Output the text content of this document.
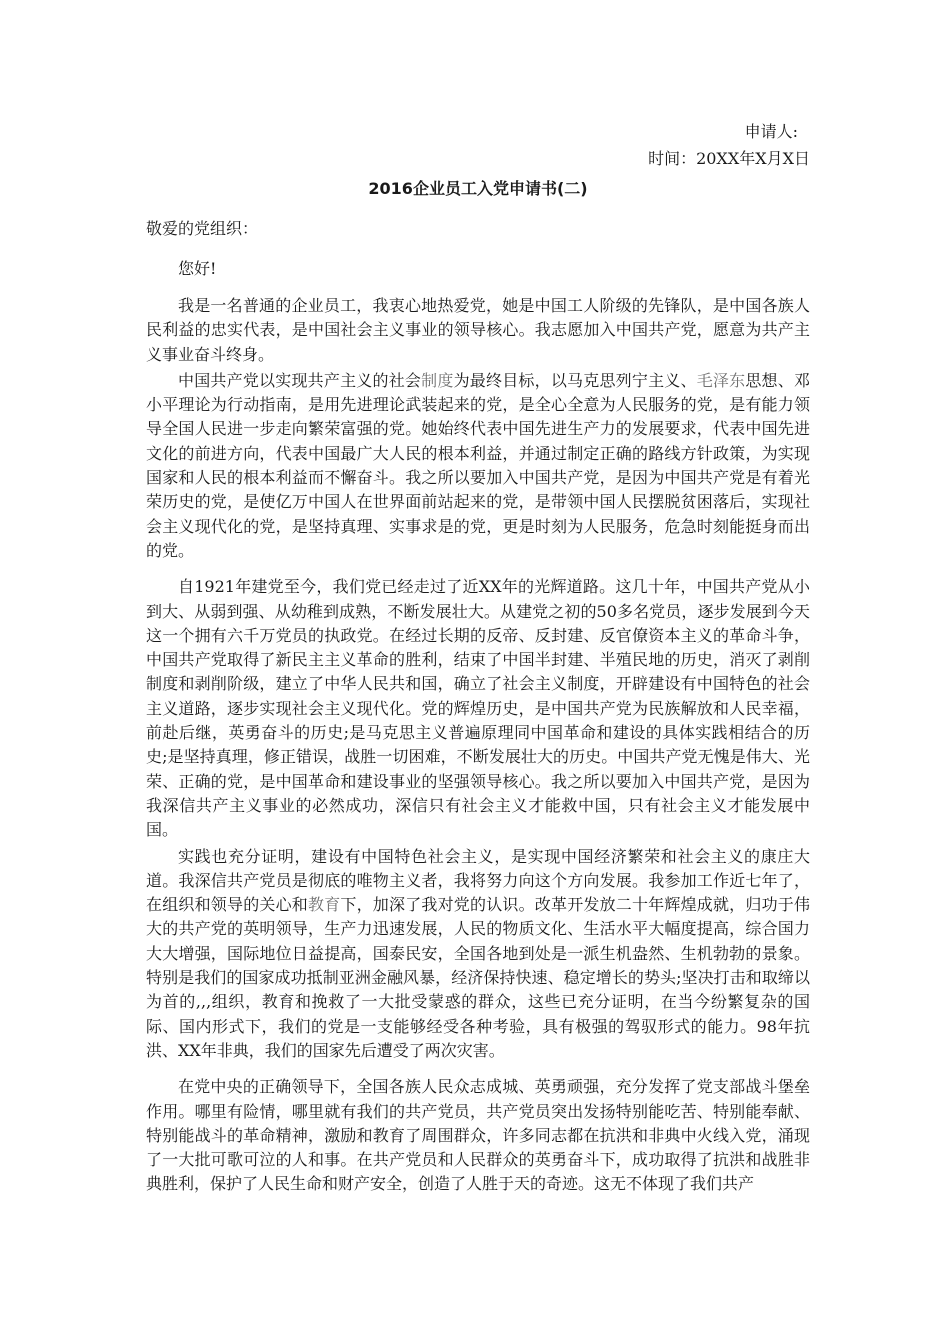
申请人:
时间：20XX年X月X日
2016企业员工入党申请书(二)
敬爱的党组织：
您好!

我是一名普通的企业员工，我衷心地热爱党，她是中国工人阶级的先锋队，是中国各族人民利益的忠实代表，是中国社会主义事业的领导核心。我志愿加入中国共产党，愿意为共产主义事业奋斗终身。

中国共产党以实现共产主义的社会制度为最终目标，以马克思列宁主义、毛泽东思想、邓小平理论为行动指南，是用先进理论武装起来的党，是全心全意为人民服务的党，是有能力领导全国人民进一步走向繁荣富强的党。她始终代表中国先进生产力的发展要求，代表中国先进文化的前进方向，代表中国最广大人民的根本利益，并通过制定正确的路线方针政策，为实现国家和人民的根本利益而不懈奋斗。我之所以要加入中国共产党，是因为中国共产党是有着光荣历史的党，是使亿万中国人在世界面前站起来的党，是带领中国人民摆脱贫困落后，实现社会主义现代化的党，是坚持真理、实事求是的党，更是时刻为人民服务，危急时刻能挺身而出的党。

自1921年建党至今，我们党已经走过了近XX年的光辉道路。这几十年，中国共产党从小到大、从弱到强、从幼稚到成熟，不断发展壮大。从建党之初的50多名党员，逐步发展到今天这一个拥有六千万党员的执政党。在经过长期的反帝、反封建、反官僚资本主义的革命斗争，中国共产党取得了新民主主义革命的胜利，结束了中国半封建、半殖民地的历史，消灭了剥削制度和剥削阶级，建立了中华人民共和国，确立了社会主义制度，开辟建设有中国特色的社会主义道路，逐步实现社会主义现代化。党的辉煌历史，是中国共产党为民族解放和人民幸福，前赴后继，英勇奋斗的历史;是马克思主义普遍原理同中国革命和建设的具体实践相结合的历史;是坚持真理，修正错误，战胜一切困难，不断发展壮大的历史。中国共产党无愧是伟大、光荣、正确的党，是中国革命和建设事业的坚强领导核心。我之所以要加入中国共产党，是因为我深信共产主义事业的必然成功，深信只有社会主义才能救中国，只有社会主义才能发展中国。

实践也充分证明，建设有中国特色社会主义，是实现中国经济繁荣和社会主义的康庄大道。我深信共产党员是彻底的唯物主义者，我将努力向这个方向发展。我参加工作近七年了，在组织和领导的关心和教育下，加深了我对党的认识。改革开发放二十年辉煌成就，归功于伟大的共产党的英明领导，生产力迅速发展，人民的物质文化、生活水平大幅度提高，综合国力大大增强，国际地位日益提高，国泰民安，全国各地到处是一派生机盎然、生机勃勃的景象。特别是我们的国家成功抵制亚洲金融风暴，经济保持快速、稳定增长的势头;坚决打击和取缔以为首的,,,组织，教育和挽救了一大批受蒙惑的群众，这些已充分证明，在当今纷繁复杂的国际、国内形式下，我们的党是一支能够经受各种考验，具有极强的驾驭形式的能力。98年抗洪、XX年非典，我们的国家先后遭受了两次灾害。

在党中央的正确领导下，全国各族人民众志成城、英勇顽强，充分发挥了党支部战斗堡垒作用。哪里有险情，哪里就有我们的共产党员，共产党员突出发扬特别能吃苦、特别能奉献、特别能战斗的革命精神，激励和教育了周围群众，许多同志都在抗洪和非典中火线入党，涌现了一大批可歌可泣的人和事。在共产党员和人民群众的英勇奋斗下，成功取得了抗洪和战胜非典胜利，保护了人民生命和财产安全，创造了人胜于天的奇迹。这无不体现了我们共产
